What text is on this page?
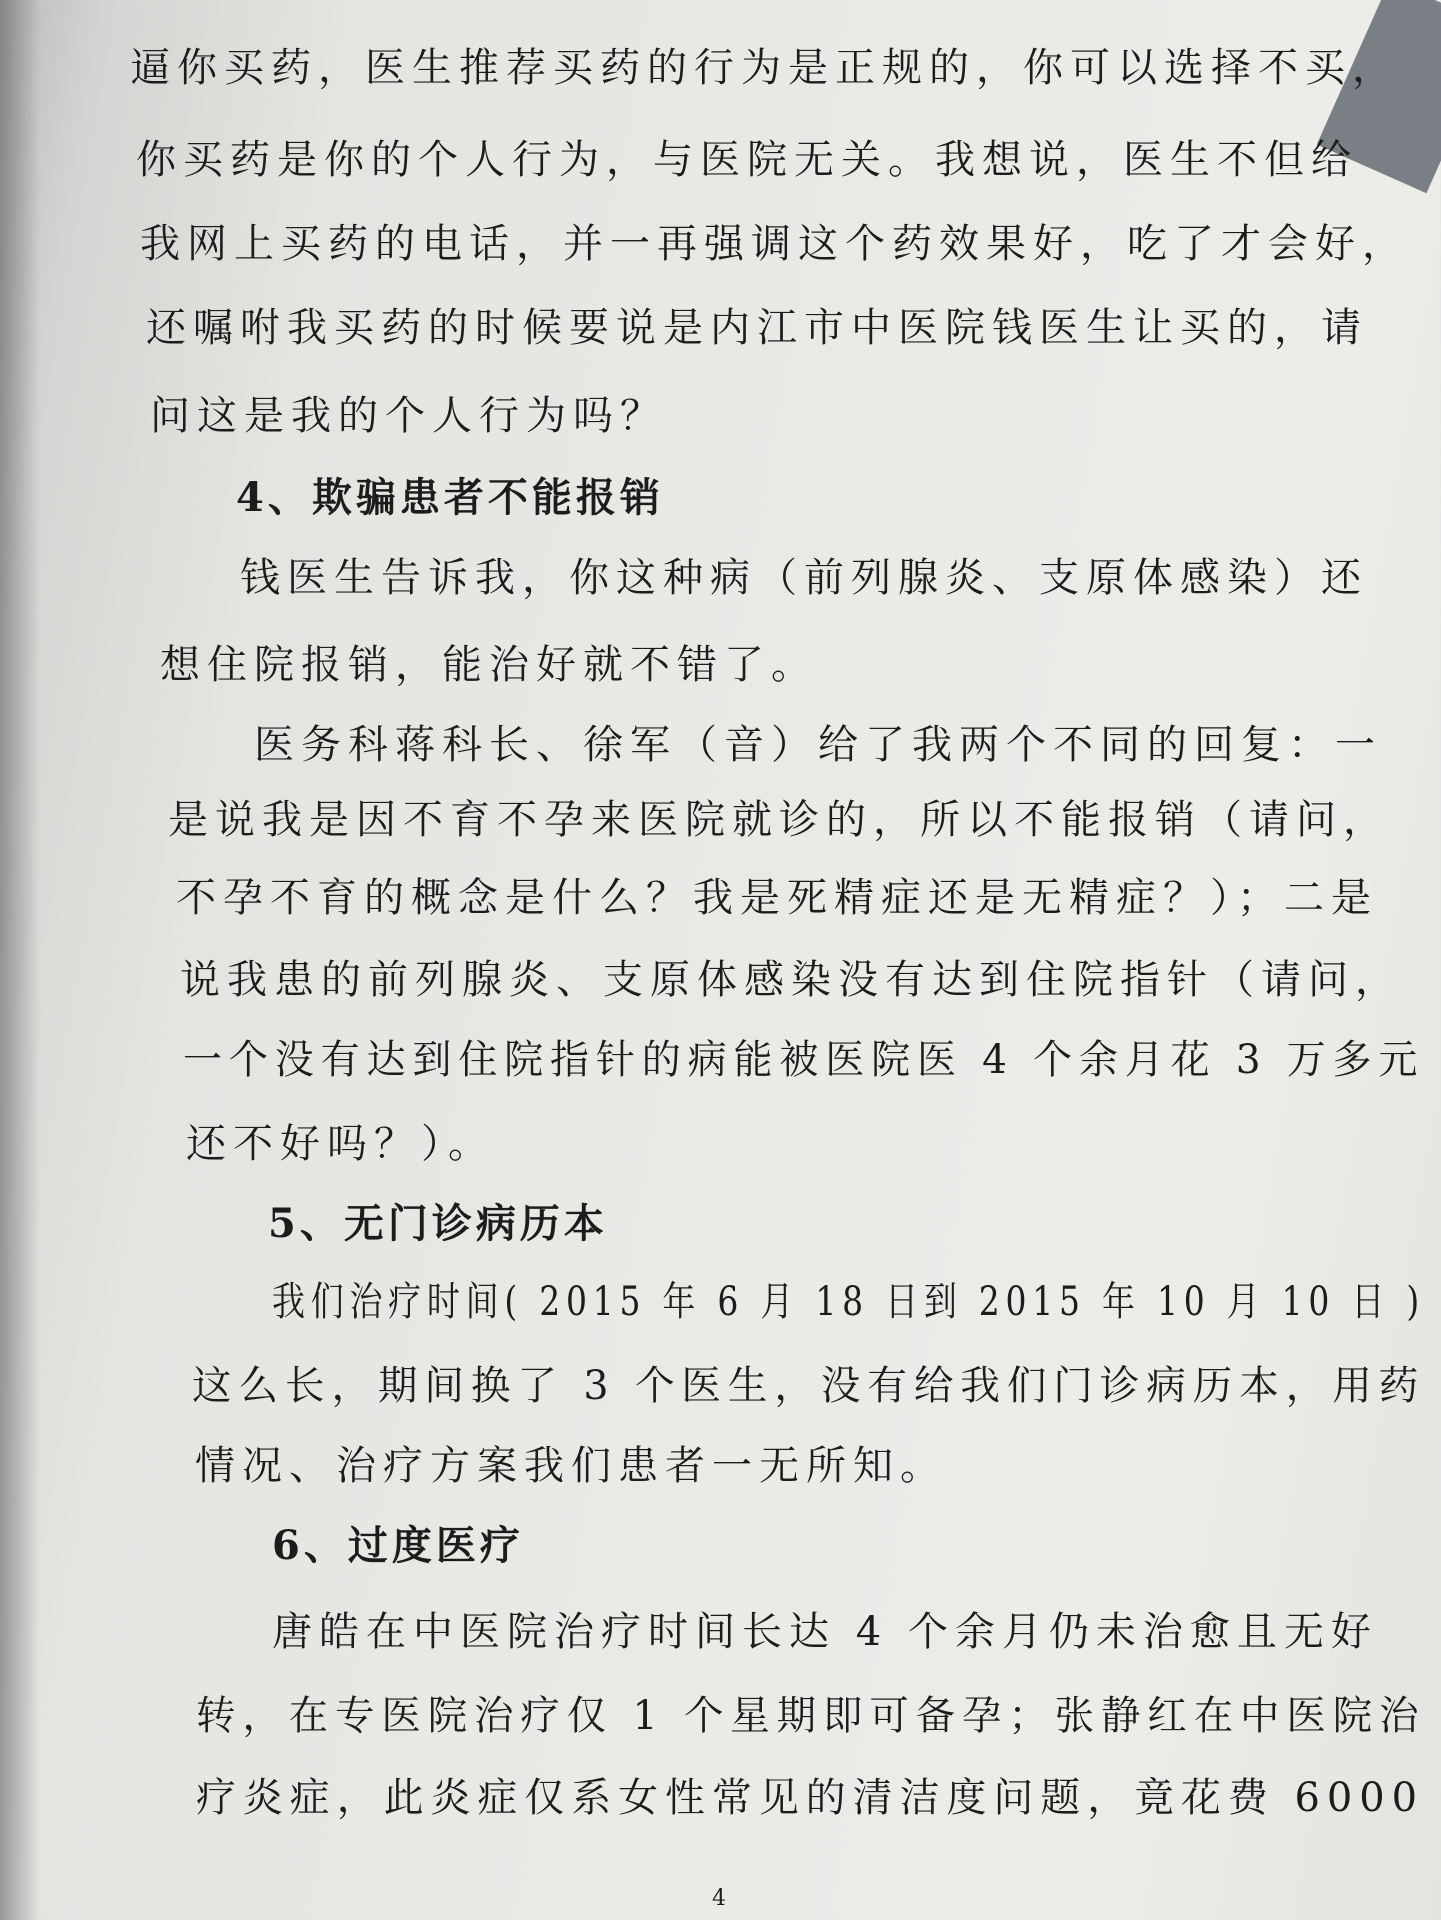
逼你买药，医生推荐买药的行为是正规的，你可以选择不买，
你买药是你的个人行为，与医院无关。我想说，医生不但给
我网上买药的电话，并一再强调这个药效果好，吃了才会好，
还嘱咐我买药的时候要说是内江市中医院钱医生让买的，请
问这是我的个人行为吗？
4、欺骗患者不能报销
钱医生告诉我，你这种病（前列腺炎、支原体感染）还
想住院报销，能治好就不错了。
医务科蒋科长、徐军（音）给了我两个不同的回复：一
是说我是因不育不孕来医院就诊的，所以不能报销（请问，
不孕不育的概念是什么？我是死精症还是无精症？）；二是
说我患的前列腺炎、支原体感染没有达到住院指针（请问，
一个没有达到住院指针的病能被医院医 4 个余月花 3 万多元
还不好吗？）。
5、无门诊病历本
我们治疗时间( 2015 年 6 月 18 日到 2015 年 10 月 10 日 )
这么长，期间换了 3 个医生，没有给我们门诊病历本，用药
情况、治疗方案我们患者一无所知。
6、过度医疗
唐皓在中医院治疗时间长达 4 个余月仍未治愈且无好
转，在专医院治疗仅 1 个星期即可备孕；张静红在中医院治
疗炎症，此炎症仅系女性常见的清洁度问题，竟花费 6000
4
